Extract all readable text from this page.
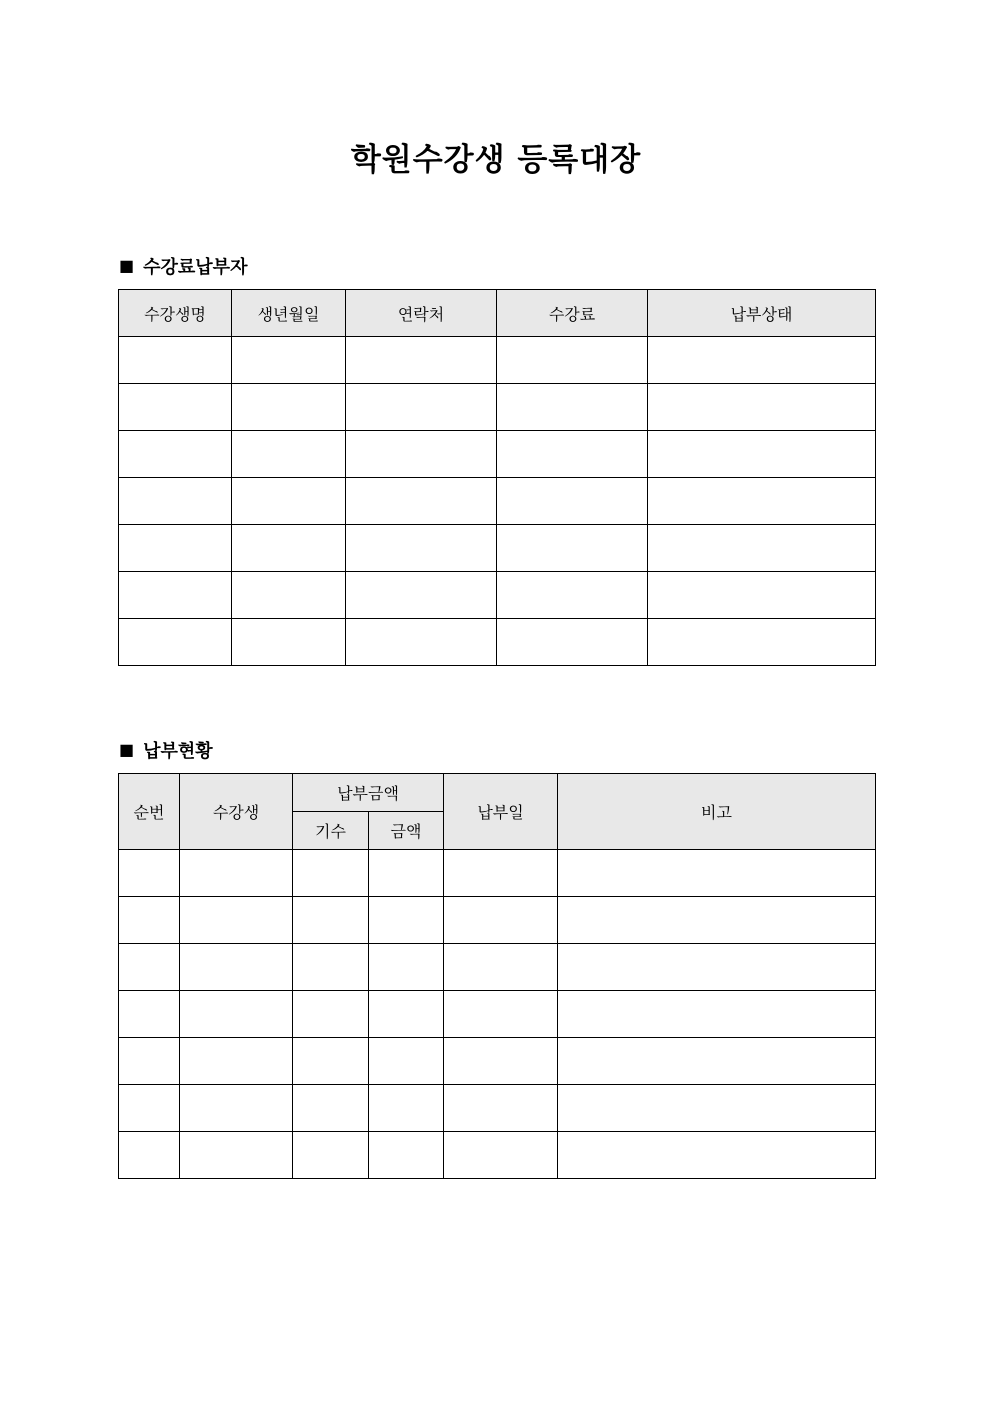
학원수강생 등록대장
■ 수강료납부자
수강생명	생년월일	연락처	수강료	납부상태

■ 납부현황
순번	수강생	납부금액		납부일	비고
		기수	금액		
